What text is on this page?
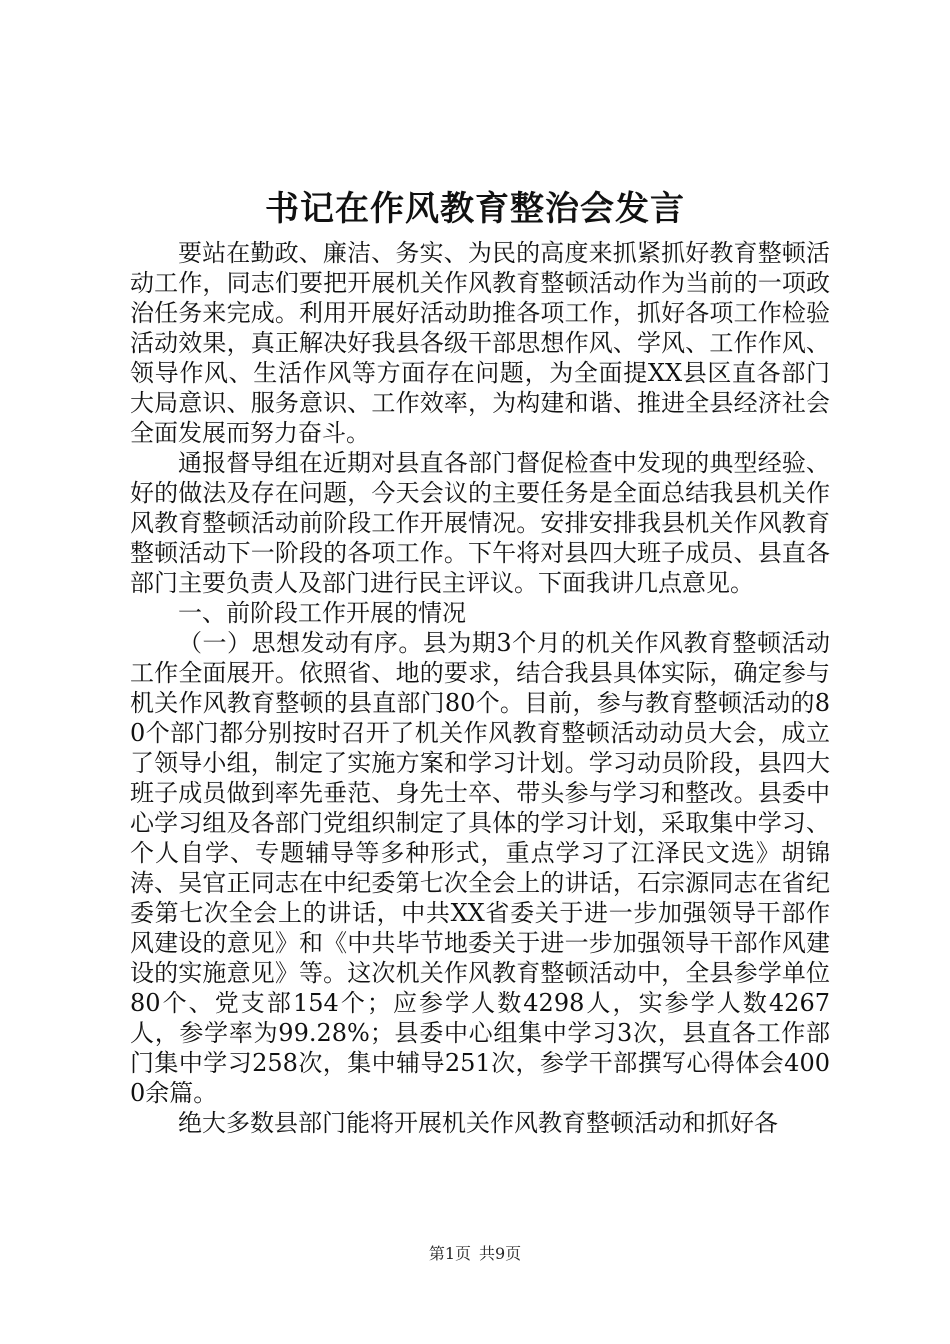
书记在作风教育整治会发言

要站在勤政、廉洁、务实、为民的高度来抓紧抓好教育整顿活动工作，同志们要把开展机关作风教育整顿活动作为当前的一项政治任务来完成。利用开展好活动助推各项工作，抓好各项工作检验活动效果，真正解决好我县各级干部思想作风、学风、工作作风、领导作风、生活作风等方面存在问题，为全面提XX县区直各部门大局意识、服务意识、工作效率，为构建和谐、推进全县经济社会全面发展而努力奋斗。

通报督导组在近期对县直各部门督促检查中发现的典型经验、好的做法及存在问题，今天会议的主要任务是全面总结我县机关作风教育整顿活动前阶段工作开展情况。安排安排我县机关作风教育整顿活动下一阶段的各项工作。下午将对县四大班子成员、县直各部门主要负责人及部门进行民主评议。下面我讲几点意见。

一、前阶段工作开展的情况

（一）思想发动有序。县为期3个月的机关作风教育整顿活动工作全面展开。依照省、地的要求，结合我县具体实际，确定参与机关作风教育整顿的县直部门80个。目前，参与教育整顿活动的80个部门都分别按时召开了机关作风教育整顿活动动员大会，成立了领导小组，制定了实施方案和学习计划。学习动员阶段，县四大班子成员做到率先垂范、身先士卒、带头参与学习和整改。县委中心学习组及各部门党组织制定了具体的学习计划，采取集中学习、个人自学、专题辅导等多种形式，重点学习了江泽民文选》胡锦涛、吴官正同志在中纪委第七次全会上的讲话，石宗源同志在省纪委第七次全会上的讲话，中共XX省委关于进一步加强领导干部作风建设的意见》和《中共毕节地委关于进一步加强领导干部作风建设的实施意见》等。这次机关作风教育整顿活动中，全县参学单位80个、党支部154个；应参学人数4298人，实参学人数4267人，参学率为99.28%；县委中心组集中学习3次，县直各工作部门集中学习258次，集中辅导251次，参学干部撰写心得体会4000余篇。

绝大多数县部门能将开展机关作风教育整顿活动和抓好各

第1页 共9页
